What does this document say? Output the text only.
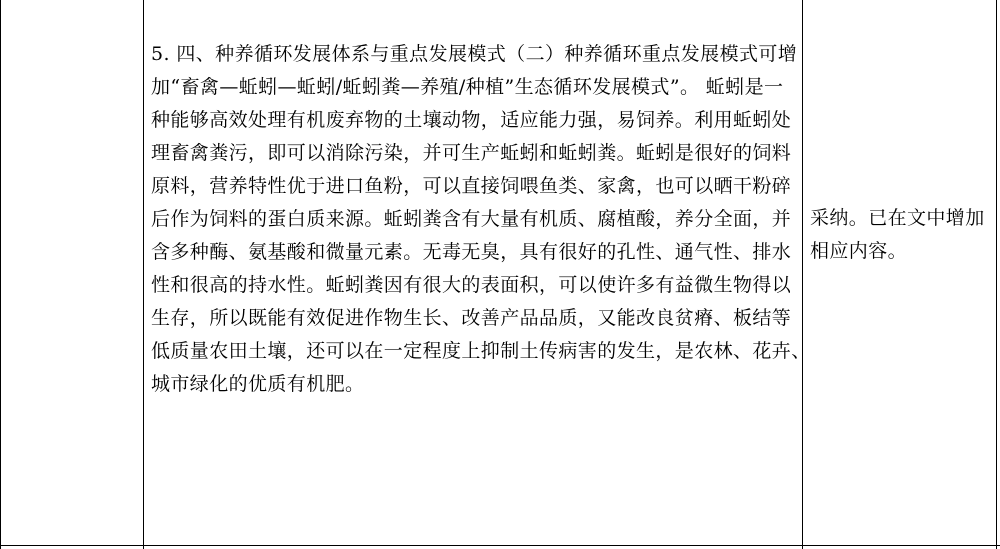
5. 四、种养循环发展体系与重点发展模式（二）种养循环重点发展模式可增
加“畜禽—蚯蚓—蚯蚓/蚯蚓粪—养殖/种植”生态循环发展模式”。 蚯蚓是一
种能够高效处理有机废弃物的土壤动物，适应能力强，易饲养。利用蚯蚓处
理畜禽粪污，即可以消除污染，并可生产蚯蚓和蚯蚓粪。蚯蚓是很好的饲料
原料，营养特性优于进口鱼粉，可以直接饲喂鱼类、家禽，也可以晒干粉碎
后作为饲料的蛋白质来源。蚯蚓粪含有大量有机质、腐植酸，养分全面，并
含多种酶、氨基酸和微量元素。无毒无臭，具有很好的孔性、通气性、排水
性和很高的持水性。蚯蚓粪因有很大的表面积，可以使许多有益微生物得以
生存，所以既能有效促进作物生长、改善产品品质，又能改良贫瘠、板结等
低质量农田土壤，还可以在一定程度上抑制土传病害的发生，是农林、花卉、
城市绿化的优质有机肥。
采纳。已在文中增加
相应内容。
